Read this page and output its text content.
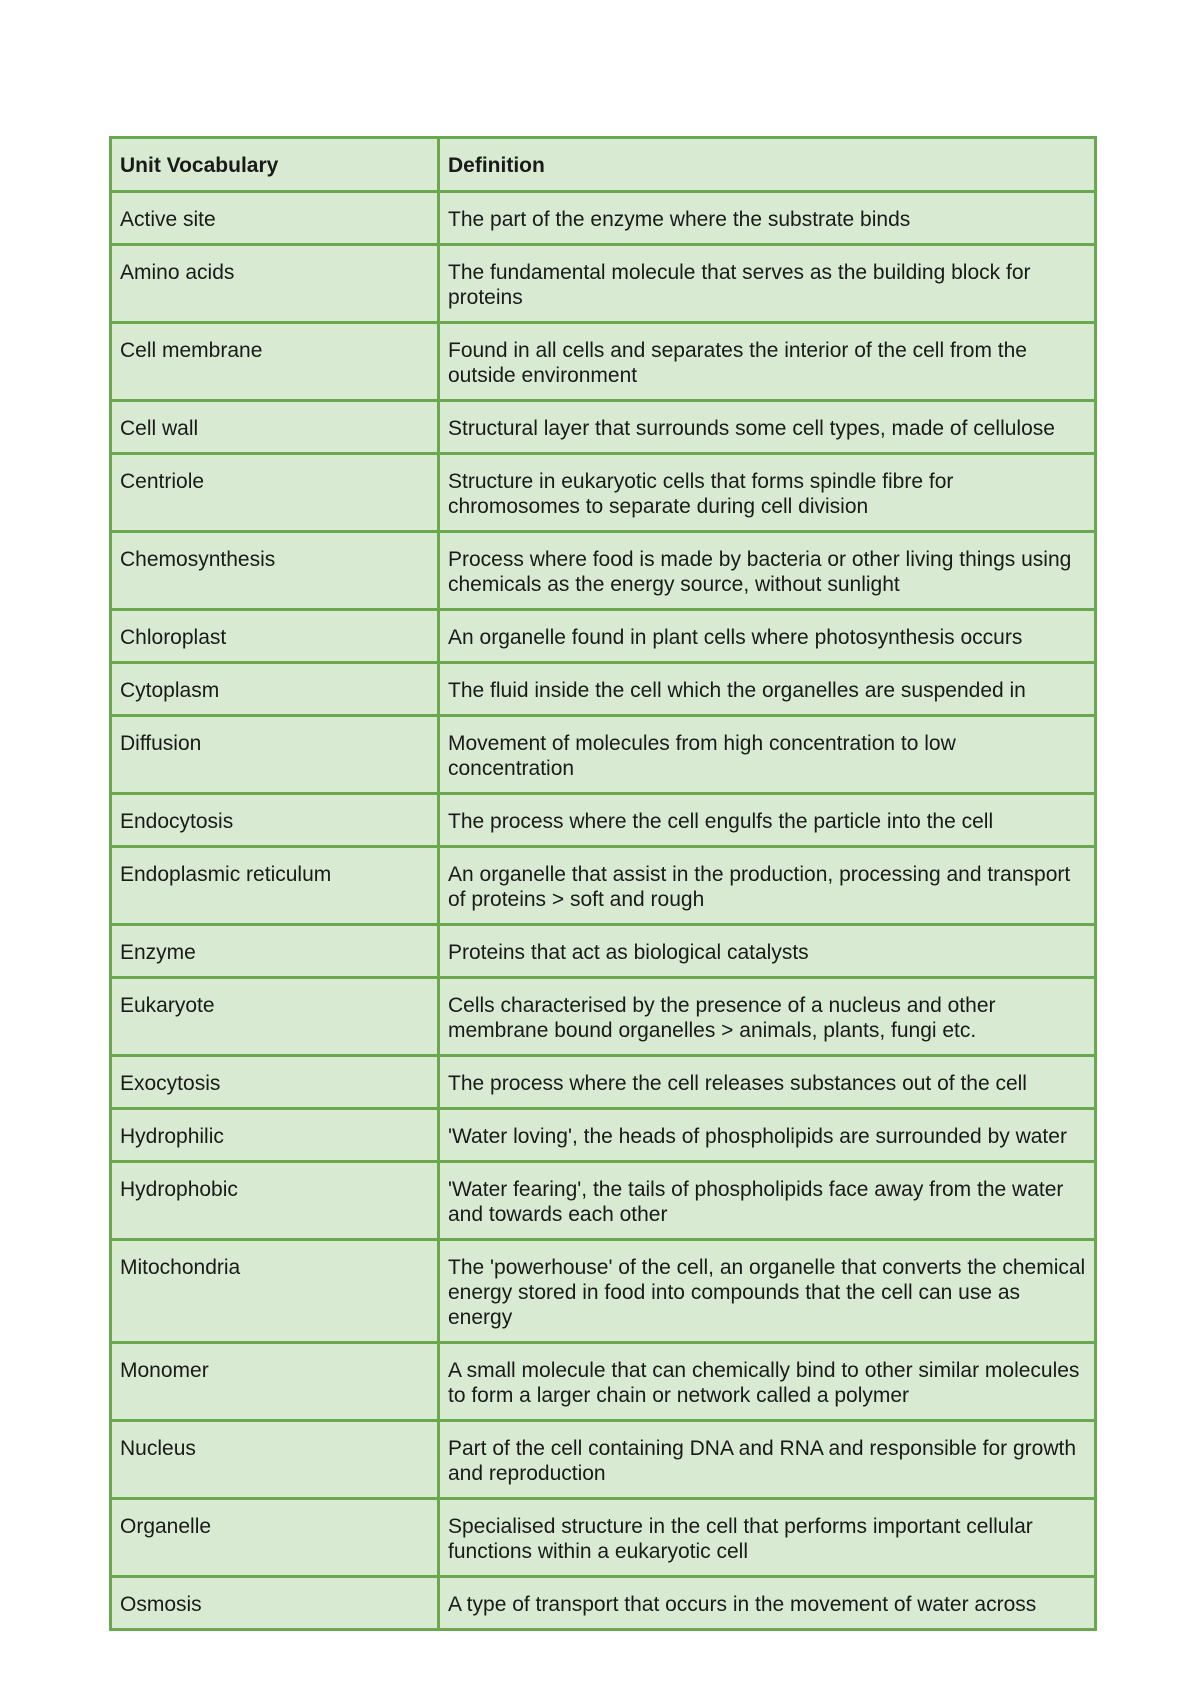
Unit Vocabulary	Definition
Active site	The part of the enzyme where the substrate binds
Amino acids	The fundamental molecule that serves as the building block for proteins
Cell membrane	Found in all cells and separates the interior of the cell from the outside environment
Cell wall	Structural layer that surrounds some cell types, made of cellulose
Centriole	Structure in eukaryotic cells that forms spindle fibre for chromosomes to separate during cell division
Chemosynthesis	Process where food is made by bacteria or other living things using chemicals as the energy source, without sunlight
Chloroplast	An organelle found in plant cells where photosynthesis occurs
Cytoplasm	The fluid inside the cell which the organelles are suspended in
Diffusion	Movement of molecules from high concentration to low concentration
Endocytosis	The process where the cell engulfs the particle into the cell
Endoplasmic reticulum	An organelle that assist in the production, processing and transport of proteins > soft and rough
Enzyme	Proteins that act as biological catalysts
Eukaryote	Cells characterised by the presence of a nucleus and other membrane bound organelles > animals, plants, fungi etc.
Exocytosis	The process where the cell releases substances out of the cell
Hydrophilic	'Water loving', the heads of phospholipids are surrounded by water
Hydrophobic	'Water fearing', the tails of phospholipids face away from the water and towards each other
Mitochondria	The 'powerhouse' of the cell, an organelle that converts the chemical energy stored in food into compounds that the cell can use as energy
Monomer	A small molecule that can chemically bind to other similar molecules to form a larger chain or network called a polymer
Nucleus	Part of the cell containing DNA and RNA and responsible for growth and reproduction
Organelle	Specialised structure in the cell that performs important cellular functions within a eukaryotic cell
Osmosis	A type of transport that occurs in the movement of water across
